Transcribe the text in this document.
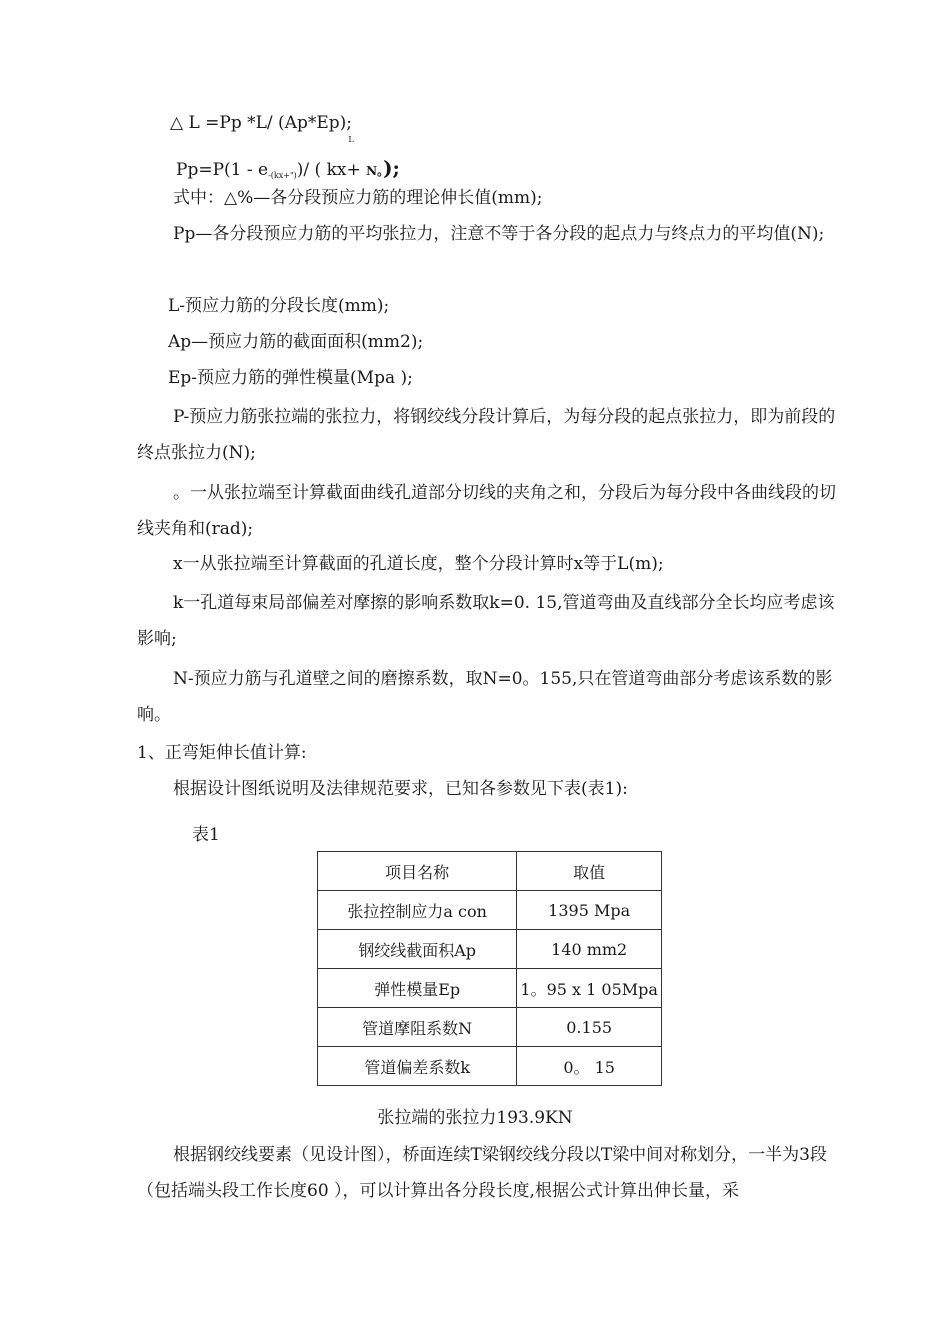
△ L =Pp *L/ (Ap*Ep); $_L$
Pp=P(1 - e-(kx+"))/ ( kx+ N。);
式中：△%—各分段预应力筋的理论伸长值(mm);
Pp—各分段预应力筋的平均张拉力，注意不等于各分段的起点力与终点力的平均值(N);
L-预应力筋的分段长度(mm);
Ap—预应力筋的截面面积(mm2);
Ep-预应力筋的弹性模量(Mpa );
P-预应力筋张拉端的张拉力，将钢绞线分段计算后，为每分段的起点张拉力，即为前段的终点张拉力(N);
。一从张拉端至计算截面曲线孔道部分切线的夹角之和，分段后为每分段中各曲线段的切线夹角和(rad);
x一从张拉端至计算截面的孔道长度，整个分段计算时x等于L(m);
k一孔道每束局部偏差对摩擦的影响系数取k=0. 15,管道弯曲及直线部分全长均应考虑该影响;
N-预应力筋与孔道壁之间的磨擦系数，取N=0。155,只在管道弯曲部分考虑该系数的影响。
1、正弯矩伸长值计算:
根据设计图纸说明及法律规范要求，已知各参数见下表(表1):
表1
项目名称	取值
张拉控制应力a con	1395 Mpa
钢绞线截面积Ap	140 mm2
弹性模量Ep	1。95 x 1 05Mpa
管道摩阻系数N	0.155
管道偏差系数k	0。 15
张拉端的张拉力193.9KN
根据钢绞线要素（见设计图），桥面连续T梁钢绞线分段以T梁中间对称划分，一半为3段（包括端头段工作长度60 ），可以计算出各分段长度,根据公式计算出伸长量，采
